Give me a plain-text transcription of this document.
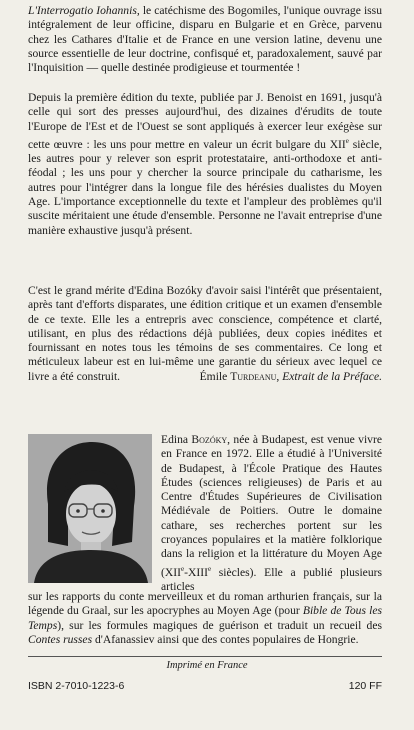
L'Interrogatio Iohannis, le catéchisme des Bogomiles, l'unique ouvrage issu intégralement de leur officine, disparu en Bulgarie et en Grèce, parvenu chez les Cathares d'Italie et de France en une version latine, devenu une source essentielle de leur doctrine, confisqué et, paradoxalement, sauvé par l'Inquisition — quelle destinée prodigieuse et tourmentée !

Depuis la première édition du texte, publiée par J. Benoist en 1691, jusqu'à celle qui sort des presses aujourd'hui, des dizaines d'érudits de toute l'Europe de l'Est et de l'Ouest se sont appliqués à exercer leur exégèse sur cette œuvre : les uns pour mettre en valeur un écrit bulgare du XIIe siècle, les autres pour y relever son esprit protestataire, anti-orthodoxe et anti-féodal ; les uns pour y chercher la source principale du catharisme, les autres pour l'intégrer dans la longue file des hérésies dualistes du Moyen Age. L'importance exceptionnelle du texte et l'ampleur des problèmes qu'il suscite méritaient une étude d'ensemble. Personne ne l'avait entreprise d'une manière exhaustive jusqu'à présent.

C'est le grand mérite d'Edina Bozóky d'avoir saisi l'intérêt que présentaient, après tant d'efforts disparates, une édition critique et un examen d'ensemble de ce texte. Elle les a entrepris avec conscience, compétence et clarté, utilisant, en plus des rédactions déjà publiées, deux copies inédites et fournissant en notes tous les témoins de ses commentaires. Ce long et méticuleux labeur est en lui-même une garantie du sérieux avec lequel ce livre a été construit.	Émile Turdeanu, Extrait de la Préface.

Edina Bozóky, née à Budapest, est venue vivre en France en 1972. Elle a étudié à l'Université de Budapest, à l'École Pratique des Hautes Études (sciences religieuses) de Paris et au Centre d'Études Supérieures de Civilisation Médiévale de Poitiers. Outre le domaine cathare, ses recherches portent sur les croyances populaires et la matière folklorique dans la religion et la littérature du Moyen Age (XIIe-XIIIe siècles). Elle a publié plusieurs articles

sur les rapports du conte merveilleux et du roman arthurien français, sur la légende du Graal, sur les apocryphes au Moyen Age (pour Bible de Tous les Temps), sur les formules magiques de guérison et traduit un recueil des Contes russes d'Afanassiev ainsi que des contes populaires de Hongrie.

Imprimé en France
ISBN 2-7010-1223-6	120 FF
